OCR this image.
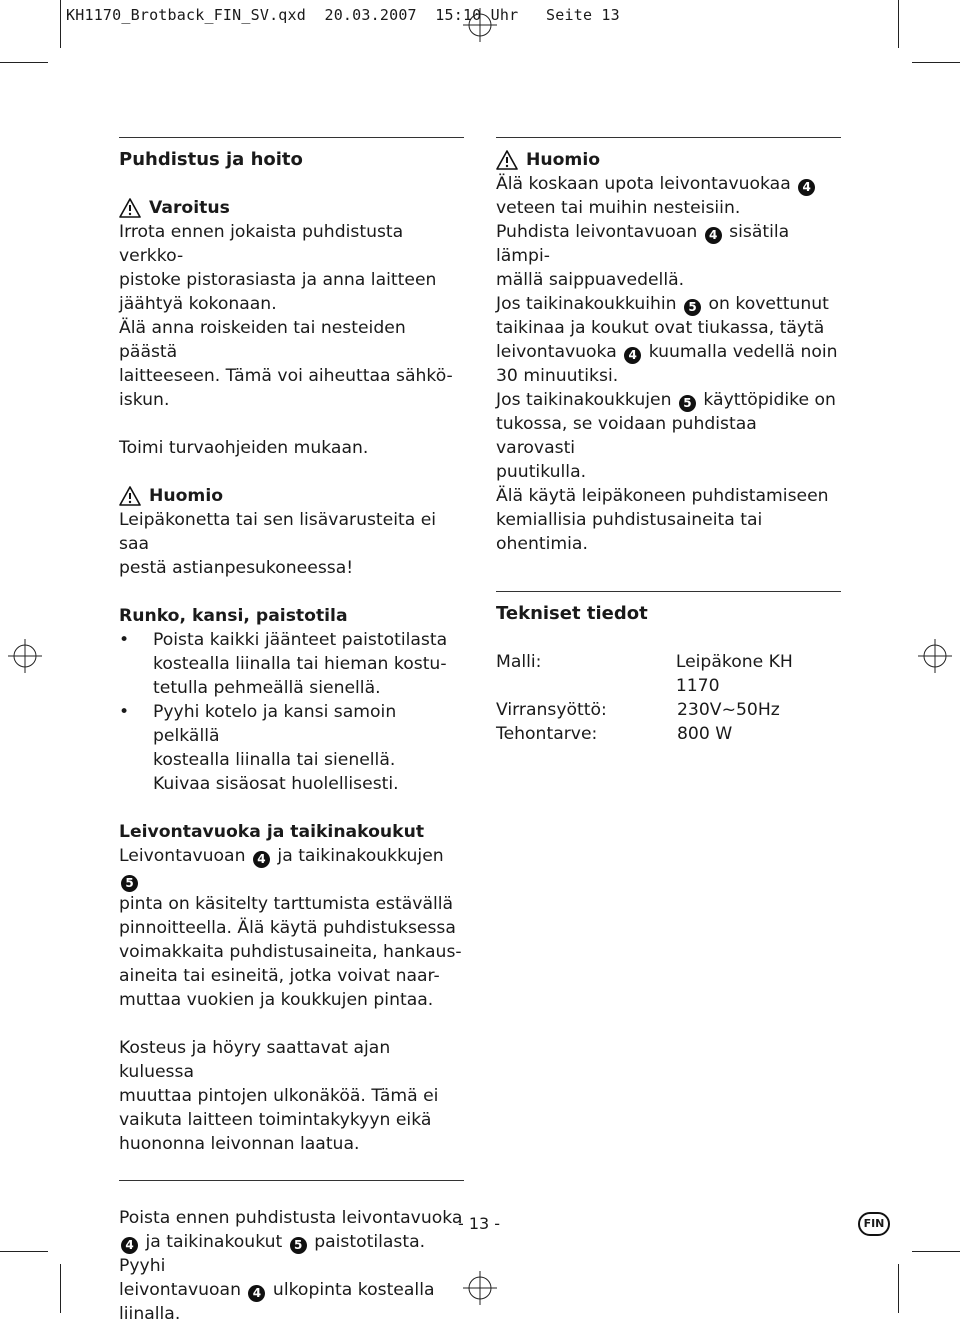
KH1170_Brotback_FIN_SV.qxd 20.03.2007 15:10 Uhr Seite 13

Puhdistus ja hoito

Varoitus

Irrota ennen jokaista puhdistusta verkko-

pistoke pistorasiasta ja anna laitteen

jäähtyä kokonaan.

Älä anna roiskeiden tai nesteiden päästä

laitteeseen. Tämä voi aiheuttaa sähkö-

iskun.

Toimi turvaohjeiden mukaan.

Huomio

Leipäkonetta tai sen lisävarusteita ei saa

pestä astianpesukoneessa!

Runko, kansi, paistotila

• Poista kaikki jäänteet paistotilasta
kostealla liinalla tai hieman kostu-
tetulla pehmeällä sienellä.
• Pyyhi kotelo ja kansi samoin pelkällä
kostealla liinalla tai sienellä.
Kuivaa sisäosat huolellisesti.

Leivontavuoka ja taikinakoukut

Leivontavuoan 4 ja taikinakoukkujen 5

pinta on käsitelty tarttumista estävällä

pinnoitteella. Älä käytä puhdistuksessa

voimakkaita puhdistusaineita, hankaus-

aineita tai esineitä, jotka voivat naar-

muttaa vuokien ja koukkujen pintaa.

Kosteus ja höyry saattavat ajan kuluessa

muuttaa pintojen ulkonäköä. Tämä ei

vaikuta laitteen toimintakykyyn eikä

huononna leivonnan laatua.

Poista ennen puhdistusta leivontavuoka

4 ja taikinakoukut 5 paistotilasta. Pyyhi

leivontavuoan 4 ulkopinta kostealla

liinalla.

Huomio

Älä koskaan upota leivontavuokaa 4

veteen tai muihin nesteisiin.

Puhdista leivontavuoan 4 sisätila lämpi-

mällä saippuavedellä.

Jos taikinakoukkuihin 5 on kovettunut

taikinaa ja koukut ovat tiukassa, täytä

leivontavuoka 4 kuumalla vedellä noin

30 minuutiksi.

Jos taikinakoukkujen 5 käyttöpidike on

tukossa, se voidaan puhdistaa varovasti

puutikulla.

Älä käytä leipäkoneen puhdistamiseen

kemiallisia puhdistusaineita tai ohentimia.

Tekniset tiedot

Malli:	Leipäkone KH 1170
Virransyöttö:	230V~50Hz
Tehontarve:	800 W
- 13 -	FIN
